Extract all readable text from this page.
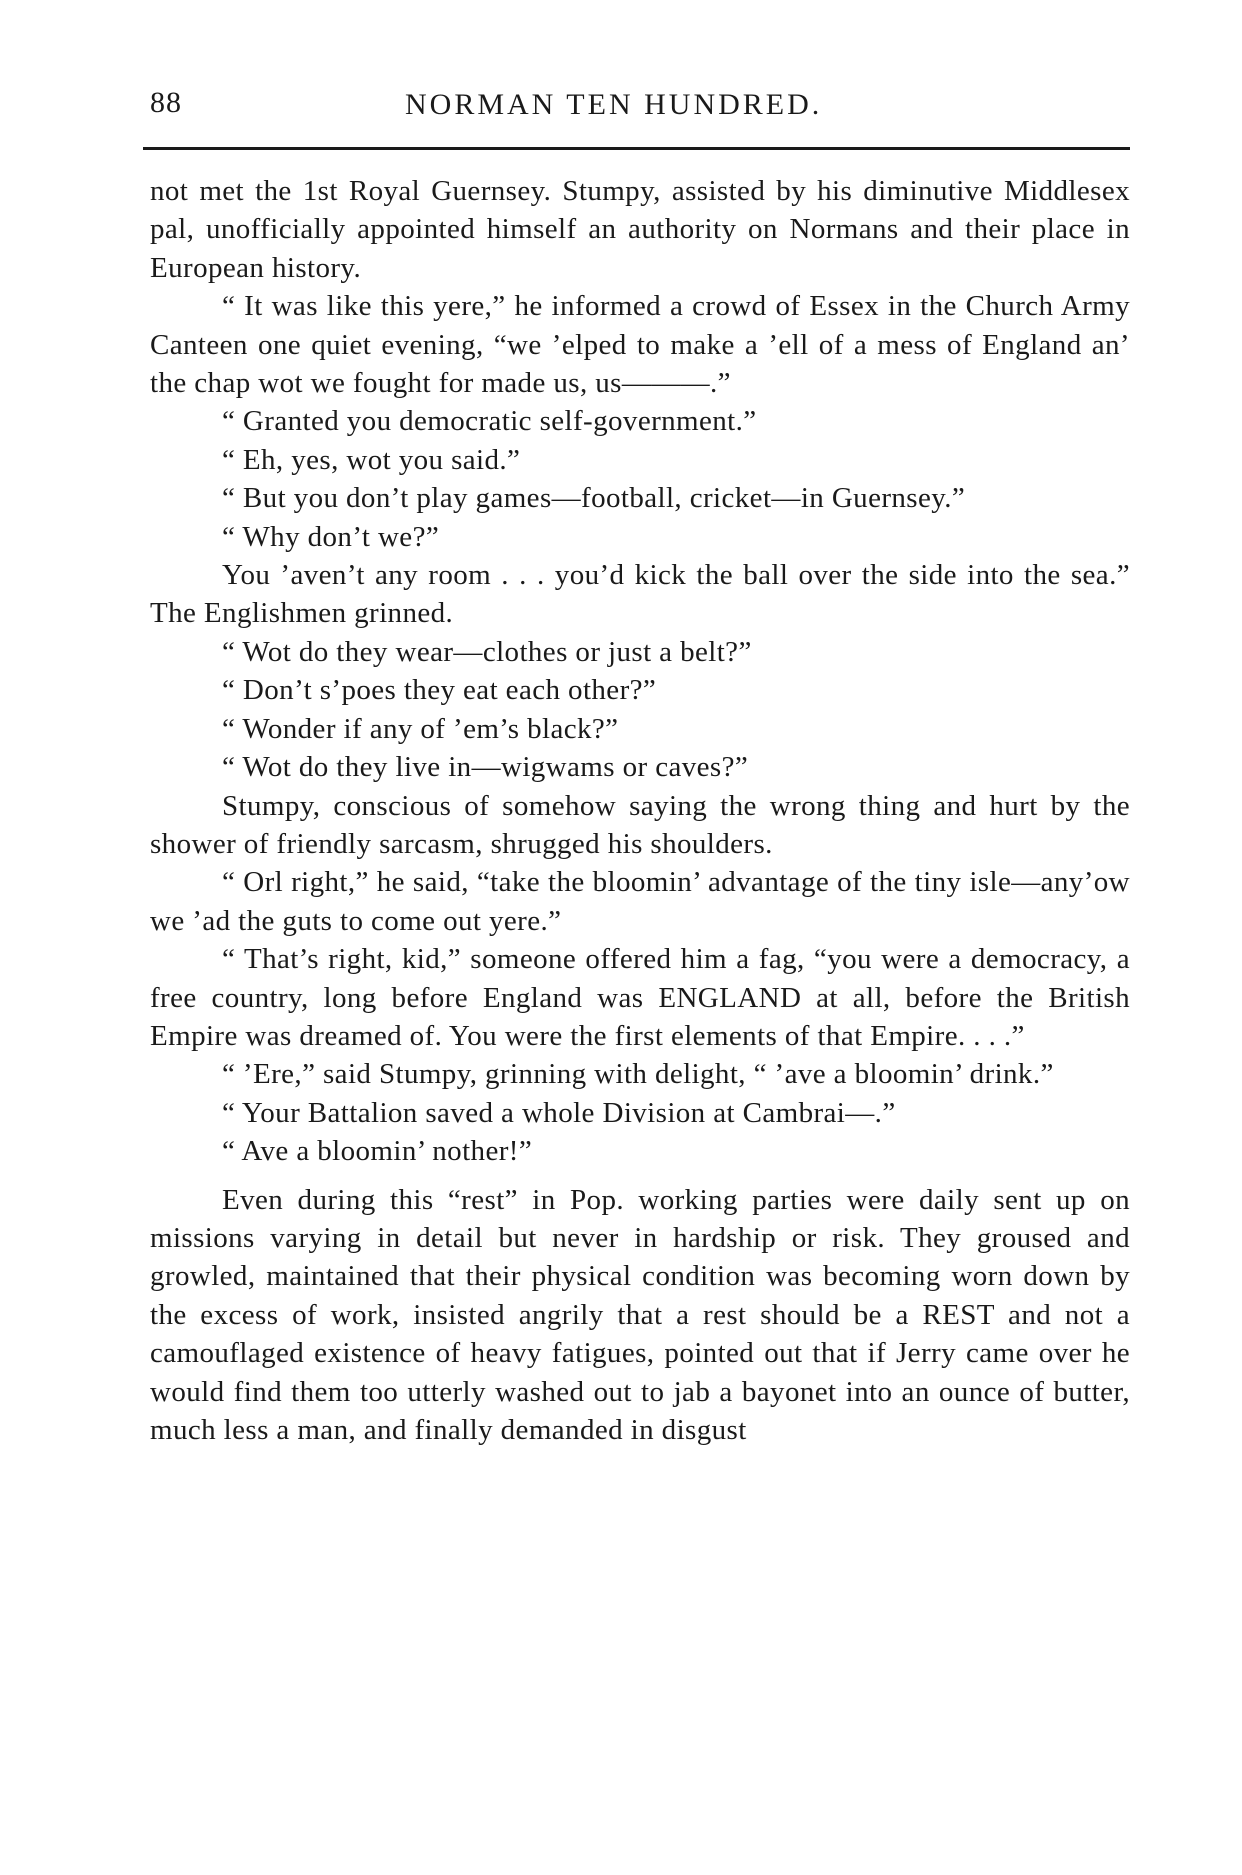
88	NORMAN TEN HUNDRED.

not met the 1st Royal Guernsey. Stumpy, assisted by his diminutive Middlesex pal, unofficially appointed himself an authority on Normans and their place in European history.

“ It was like this yere,” he informed a crowd of Essex in the Church Army Canteen one quiet evening, “we ’elped to make a ’ell of a mess of England an’ the chap wot we fought for made us, us———.”

“ Granted you democratic self-government.”

“ Eh, yes, wot you said.”

“ But you don’t play games—football, cricket—in Guernsey.”

“ Why don’t we?”

You ’aven’t any room . . . you’d kick the ball over the side into the sea.” The Englishmen grinned.

“ Wot do they wear—clothes or just a belt?”

“ Don’t s’poes they eat each other?”

“ Wonder if any of ’em’s black?”

“ Wot do they live in—wigwams or caves?”

Stumpy, conscious of somehow saying the wrong thing and hurt by the shower of friendly sarcasm, shrugged his shoulders.

“ Orl right,” he said, “take the bloomin’ advantage of the tiny isle—any’ow we ’ad the guts to come out yere.”

“ That’s right, kid,” someone offered him a fag, “you were a democracy, a free country, long before England was ENGLAND at all, before the British Empire was dreamed of. You were the first elements of that Empire. . . .”

“ ’Ere,” said Stumpy, grinning with delight, “ ’ave a bloomin’ drink.”

“ Your Battalion saved a whole Division at Cambrai—.”

“ Ave a bloomin’ nother!”

Even during this “rest” in Pop. working parties were daily sent up on missions varying in detail but never in hardship or risk. They groused and growled, maintained that their physical condition was becoming worn down by the excess of work, insisted angrily that a rest should be a REST and not a camouflaged existence of heavy fatigues, pointed out that if Jerry came over he would find them too utterly washed out to jab a bayonet into an ounce of butter, much less a man, and finally demanded in disgust
